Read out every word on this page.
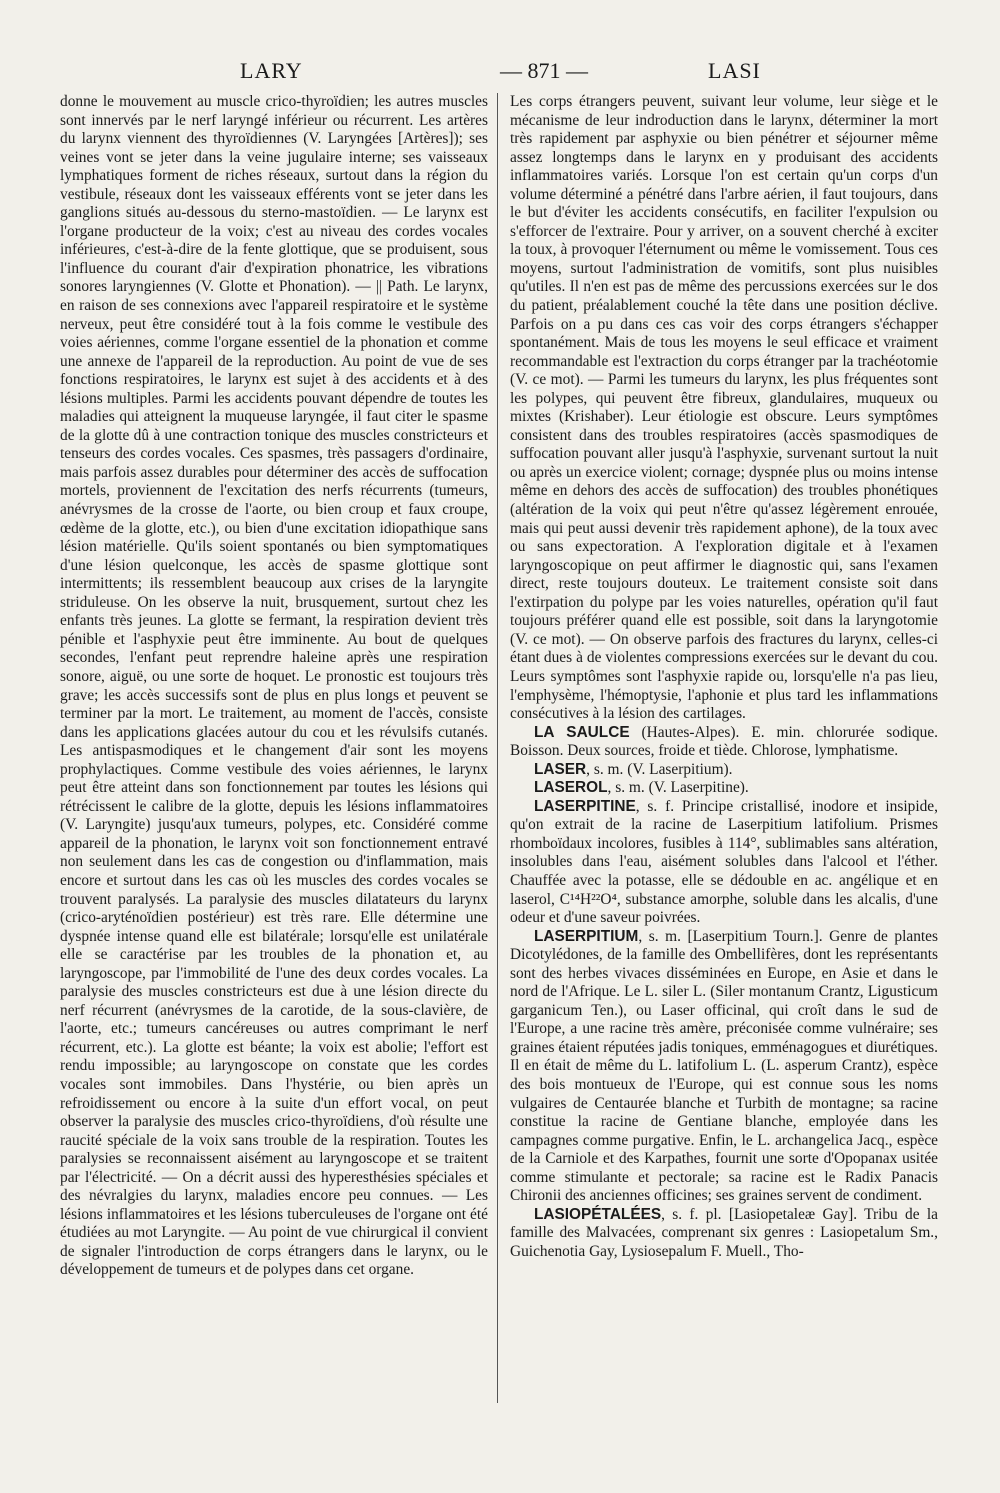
LARY	— 871 —	LASI

donne le mouvement au muscle crico-thyroïdien; les autres muscles sont innervés par le nerf laryngé inférieur ou récurrent. Les artères du larynx viennent des thyroïdiennes (V. Laryngées [Artères]); ses veines vont se jeter dans la veine jugulaire interne; ses vaisseaux lymphatiques forment de riches réseaux, surtout dans la région du vestibule, réseaux dont les vaisseaux efférents vont se jeter dans les ganglions situés au-dessous du sterno-mastoïdien. — Le larynx est l'organe producteur de la voix; c'est au niveau des cordes vocales inférieures, c'est-à-dire de la fente glottique, que se produisent, sous l'influence du courant d'air d'expiration phonatrice, les vibrations sonores laryngiennes (V. Glotte et Phonation). — || Path. Le larynx, en raison de ses connexions avec l'appareil respiratoire et le système nerveux, peut être considéré tout à la fois comme le vestibule des voies aériennes, comme l'organe essentiel de la phonation et comme une annexe de l'appareil de la reproduction. Au point de vue de ses fonctions respiratoires, le larynx est sujet à des accidents et à des lésions multiples. Parmi les accidents pouvant dépendre de toutes les maladies qui atteignent la muqueuse laryngée, il faut citer le spasme de la glotte dû à une contraction tonique des muscles constricteurs et tenseurs des cordes vocales. Ces spasmes, très passagers d'ordinaire, mais parfois assez durables pour déterminer des accès de suffocation mortels, proviennent de l'excitation des nerfs récurrents (tumeurs, anévrysmes de la crosse de l'aorte, ou bien croup et faux croupe, œdème de la glotte, etc.), ou bien d'une excitation idiopathique sans lésion matérielle. Qu'ils soient spontanés ou bien symptomatiques d'une lésion quelconque, les accès de spasme glottique sont intermittents; ils ressemblent beaucoup aux crises de la laryngite striduleuse. On les observe la nuit, brusquement, surtout chez les enfants très jeunes. La glotte se fermant, la respiration devient très pénible et l'asphyxie peut être imminente. Au bout de quelques secondes, l'enfant peut reprendre haleine après une respiration sonore, aiguë, ou une sorte de hoquet. Le pronostic est toujours très grave; les accès successifs sont de plus en plus longs et peuvent se terminer par la mort. Le traitement, au moment de l'accès, consiste dans les applications glacées autour du cou et les révulsifs cutanés. Les antispasmodiques et le changement d'air sont les moyens prophylactiques. Comme vestibule des voies aériennes, le larynx peut être atteint dans son fonctionnement par toutes les lésions qui rétrécissent le calibre de la glotte, depuis les lésions inflammatoires (V. Laryngite) jusqu'aux tumeurs, polypes, etc. Considéré comme appareil de la phonation, le larynx voit son fonctionnement entravé non seulement dans les cas de congestion ou d'inflammation, mais encore et surtout dans les cas où les muscles des cordes vocales se trouvent paralysés. La paralysie des muscles dilatateurs du larynx (crico-aryténoïdien postérieur) est très rare. Elle détermine une dyspnée intense quand elle est bilatérale; lorsqu'elle est unilatérale elle se caractérise par les troubles de la phonation et, au laryngoscope, par l'immobilité de l'une des deux cordes vocales. La paralysie des muscles constricteurs est due à une lésion directe du nerf récurrent (anévrysmes de la carotide, de la sous-clavière, de l'aorte, etc.; tumeurs cancéreuses ou autres comprimant le nerf récurrent, etc.). La glotte est béante; la voix est abolie; l'effort est rendu impossible; au laryngoscope on constate que les cordes vocales sont immobiles. Dans l'hystérie, ou bien après un refroidissement ou encore à la suite d'un effort vocal, on peut observer la paralysie des muscles crico-thyroïdiens, d'où résulte une raucité spéciale de la voix sans trouble de la respiration. Toutes les paralysies se reconnaissent aisément au laryngoscope et se traitent par l'électricité. — On a décrit aussi des hyperesthésies spéciales et des névralgies du larynx, maladies encore peu connues. — Les lésions inflammatoires et les lésions tuberculeuses de l'organe ont été étudiées au mot Laryngite. — Au point de vue chirurgical il convient de signaler l'introduction de corps étrangers dans le larynx, ou le développement de tumeurs et de polypes dans cet organe.

Les corps étrangers peuvent, suivant leur volume, leur siège et le mécanisme de leur indroduction dans le larynx, déterminer la mort très rapidement par asphyxie ou bien pénétrer et séjourner même assez longtemps dans le larynx en y produisant des accidents inflammatoires variés. Lorsque l'on est certain qu'un corps d'un volume déterminé a pénétré dans l'arbre aérien, il faut toujours, dans le but d'éviter les accidents consécutifs, en faciliter l'expulsion ou s'efforcer de l'extraire. Pour y arriver, on a souvent cherché à exciter la toux, à provoquer l'éternument ou même le vomissement. Tous ces moyens, surtout l'administration de vomitifs, sont plus nuisibles qu'utiles. Il n'en est pas de même des percussions exercées sur le dos du patient, préalablement couché la tête dans une position déclive. Parfois on a pu dans ces cas voir des corps étrangers s'échapper spontanément. Mais de tous les moyens le seul efficace et vraiment recommandable est l'extraction du corps étranger par la trachéotomie (V. ce mot). — Parmi les tumeurs du larynx, les plus fréquentes sont les polypes, qui peuvent être fibreux, glandulaires, muqueux ou mixtes (Krishaber). Leur étiologie est obscure. Leurs symptômes consistent dans des troubles respiratoires (accès spasmodiques de suffocation pouvant aller jusqu'à l'asphyxie, survenant surtout la nuit ou après un exercice violent; cornage; dyspnée plus ou moins intense même en dehors des accès de suffocation) des troubles phonétiques (altération de la voix qui peut n'être qu'assez légèrement enrouée, mais qui peut aussi devenir très rapidement aphone), de la toux avec ou sans expectoration. A l'exploration digitale et à l'examen laryngoscopique on peut affirmer le diagnostic qui, sans l'examen direct, reste toujours douteux. Le traitement consiste soit dans l'extirpation du polype par les voies naturelles, opération qu'il faut toujours préférer quand elle est possible, soit dans la laryngotomie (V. ce mot). — On observe parfois des fractures du larynx, celles-ci étant dues à de violentes compressions exercées sur le devant du cou. Leurs symptômes sont l'asphyxie rapide ou, lorsqu'elle n'a pas lieu, l'emphysème, l'hémoptysie, l'aphonie et plus tard les inflammations consécutives à la lésion des cartilages.

LA SAULCE (Hautes-Alpes). E. min. chlorurée sodique. Boisson. Deux sources, froide et tiède. Chlorose, lymphatisme.

LASER, s. m. (V. Laserpitium).

LASEROL, s. m. (V. Laserpitine).

LASERPITINE, s. f. Principe cristallisé, inodore et insipide, qu'on extrait de la racine de Laserpitium latifolium. Prismes rhomboïdaux incolores, fusibles à 114°, sublimables sans altération, insolubles dans l'eau, aisément solubles dans l'alcool et l'éther. Chauffée avec la potasse, elle se dédouble en ac. angélique et en laserol, C¹⁴H²²O⁴, substance amorphe, soluble dans les alcalis, d'une odeur et d'une saveur poivrées.

LASERPITIUM, s. m. [Laserpitium Tourn.]. Genre de plantes Dicotylédones, de la famille des Ombellifères, dont les représentants sont des herbes vivaces disséminées en Europe, en Asie et dans le nord de l'Afrique. Le L. siler L. (Siler montanum Crantz, Ligusticum garganicum Ten.), ou Laser officinal, qui croît dans le sud de l'Europe, a une racine très amère, préconisée comme vulnéraire; ses graines étaient réputées jadis toniques, emménagogues et diurétiques. Il en était de même du L. latifolium L. (L. asperum Crantz), espèce des bois montueux de l'Europe, qui est connue sous les noms vulgaires de Centaurée blanche et Turbith de montagne; sa racine constitue la racine de Gentiane blanche, employée dans les campagnes comme purgative. Enfin, le L. archangelica Jacq., espèce de la Carniole et des Karpathes, fournit une sorte d'Opopanax usitée comme stimulante et pectorale; sa racine est le Radix Panacis Chironii des anciennes officines; ses graines servent de condiment.

LASIOPÉTALÉES, s. f. pl. [Lasiopetaleæ Gay]. Tribu de la famille des Malvacées, comprenant six genres : Lasiopetalum Sm., Guichenotia Gay, Lysiosepalum F. Muell., Tho-
